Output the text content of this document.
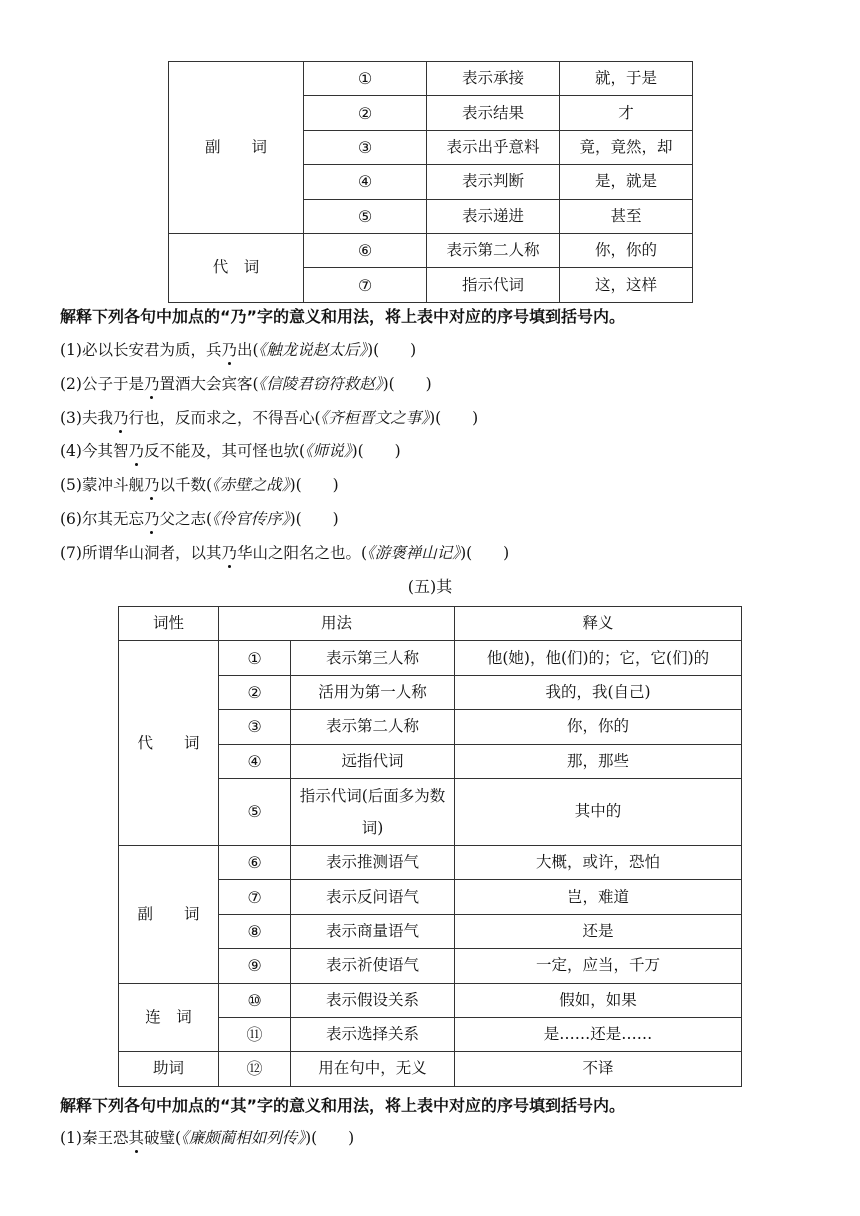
副　　词	①	表示承接	就，于是
	②	表示结果	才
	③	表示出乎意料	竟，竟然，却
	④	表示判断	是，就是
	⑤	表示递进	甚至
代　词	⑥	表示第二人称	你，你的
	⑦	指示代词	这，这样
解释下列各句中加点的“乃”字的意义和用法，将上表中对应的序号填到括号内。
(1)必以长安君为质，兵乃出(《触龙说赵太后》)(　　)
(2)公子于是乃置酒大会宾客(《信陵君窃符救赵》)(　　)
(3)夫我乃行也，反而求之，不得吾心(《齐桓晋文之事》)(　　)
(4)今其智乃反不能及，其可怪也欤(《师说》)(　　)
(5)蒙冲斗舰乃以千数(《赤壁之战》)(　　)
(6)尔其无忘乃父之志(《伶官传序》)(　　)
(7)所谓华山洞者，以其乃华山之阳名之也。(《游褒禅山记》)(　　)
(五)其
词性	用法		释义
代　　词	①	表示第三人称	他(她)，他(们)的；它，它(们)的
	②	活用为第一人称	我的，我(自己)
	③	表示第二人称	你，你的
	④	远指代词	那，那些
	⑤	指示代词(后面多为数词)	其中的
副　　词	⑥	表示推测语气	大概，或许，恐怕
	⑦	表示反问语气	岂，难道
	⑧	表示商量语气	还是
	⑨	表示祈使语气	一定，应当，千万
连　词	⑩	表示假设关系	假如，如果
	⑪	表示选择关系	是……还是……
助词	⑫	用在句中，无义	不译
解释下列各句中加点的“其”字的意义和用法，将上表中对应的序号填到括号内。
(1)秦王恐其破璧(《廉颇蔺相如列传》)(　　)
